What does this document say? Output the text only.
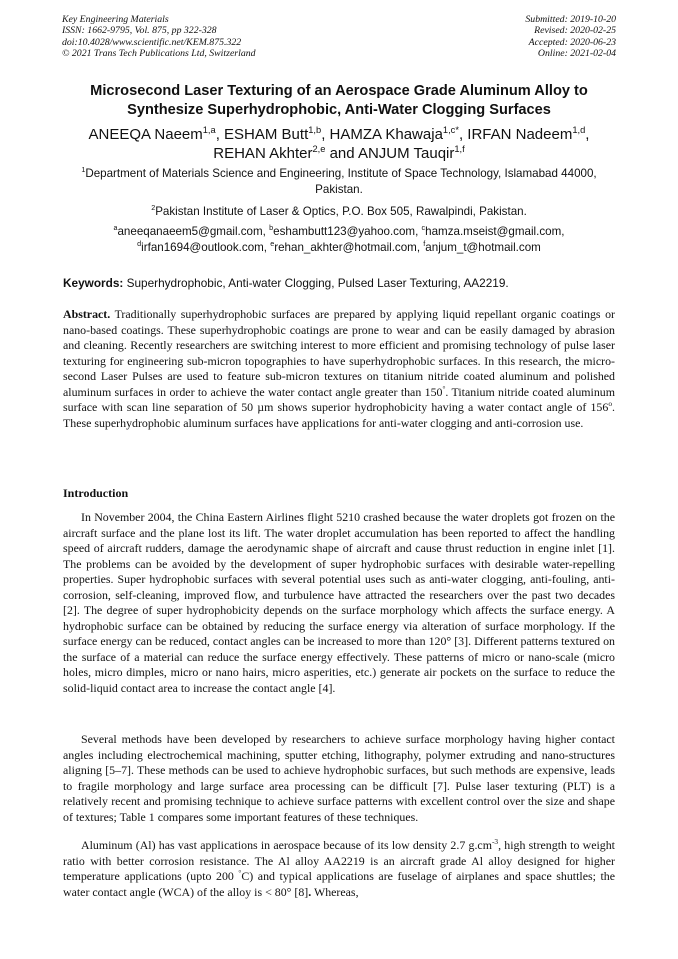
Key Engineering Materials
ISSN: 1662-9795, Vol. 875, pp 322-328
doi:10.4028/www.scientific.net/KEM.875.322
© 2021 Trans Tech Publications Ltd, Switzerland
Submitted: 2019-10-20
Revised: 2020-02-25
Accepted: 2020-06-23
Online: 2021-02-04
Microsecond Laser Texturing of an Aerospace Grade Aluminum Alloy to
Synthesize Superhydrophobic, Anti-Water Clogging Surfaces
ANEEQA Naeem$^{1,a}$, ESHAM Butt$^{1,b}$, HAMZA Khawaja$^{1,c*}$, IRFAN Nadeem$^{1,d}$,
REHAN Akhter$^{2,e}$ and ANJUM Tauqir$^{1,f}$
$^1$Department of Materials Science and Engineering, Institute of Space Technology, Islamabad 44000, Pakistan.
$^2$Pakistan Institute of Laser & Optics, P.O. Box 505, Rawalpindi, Pakistan.
$^a$aneeqanaeem5@gmail.com, $^b$eshambutt123@yahoo.com, $^c$hamza.mseist@gmail.com,
$^d$irfan1694@outlook.com, $^e$rehan_akhter@hotmail.com, $^f$anjum_t@hotmail.com
Keywords: Superhydrophobic, Anti-water Clogging, Pulsed Laser Texturing, AA2219.
Abstract. Traditionally superhydrophobic surfaces are prepared by applying liquid repellant organic coatings or nano-based coatings. These superhydrophobic coatings are prone to wear and can be easily damaged by abrasion and cleaning. Recently researchers are switching interest to more efficient and promising technology of pulse laser texturing for engineering sub-micron topographies to have superhydrophobic surfaces. In this research, the micro-second Laser Pulses are used to feature sub-micron textures on titanium nitride coated aluminum and polished aluminum surfaces in order to achieve the water contact angle greater than 150°. Titanium nitride coated aluminum surface with scan line separation of 50 µm shows superior hydrophobicity having a water contact angle of 156$^o$. These superhydrophobic aluminum surfaces have applications for anti-water clogging and anti-corrosion use.
Introduction
In November 2004, the China Eastern Airlines flight 5210 crashed because the water droplets got frozen on the aircraft surface and the plane lost its lift. The water droplet accumulation has been reported to affect the handling speed of aircraft rudders, damage the aerodynamic shape of aircraft and cause thrust reduction in engine inlet [1]. The problems can be avoided by the development of super hydrophobic surfaces with desirable water-repelling properties. Super hydrophobic surfaces with several potential uses such as anti-water clogging, anti-fouling, anti-corrosion, self-cleaning, improved flow, and turbulence have attracted the researchers over the past two decades [2]. The degree of super hydrophobicity depends on the surface morphology which affects the surface energy. A hydrophobic surface can be obtained by reducing the surface energy via alteration of surface morphology. If the surface energy can be reduced, contact angles can be increased to more than 120° [3]. Different patterns textured on the surface of a material can reduce the surface energy effectively. These patterns of micro or nano-scale (micro holes, micro dimples, micro or nano hairs, micro asperities, etc.) generate air pockets on the surface to reduce the solid-liquid contact area to increase the contact angle [4].
Several methods have been developed by researchers to achieve surface morphology having higher contact angles including electrochemical machining, sputter etching, lithography, polymer extruding and nano-structures aligning [5–7]. These methods can be used to achieve hydrophobic surfaces, but such methods are expensive, leads to fragile morphology and large surface area processing can be difficult [7]. Pulse laser texturing (PLT) is a relatively recent and promising technique to achieve surface patterns with excellent control over the size and shape of textures; Table 1 compares some important features of these techniques.
Aluminum (Al) has vast applications in aerospace because of its low density 2.7 $g.cm^{-3}$, high strength to weight ratio with better corrosion resistance. The Al alloy AA2219 is an aircraft grade Al alloy designed for higher temperature applications (upto 200 °C) and typical applications are fuselage of airplanes and space shuttles; the water contact angle (WCA) of the alloy is < 80° [8]. Whereas,
